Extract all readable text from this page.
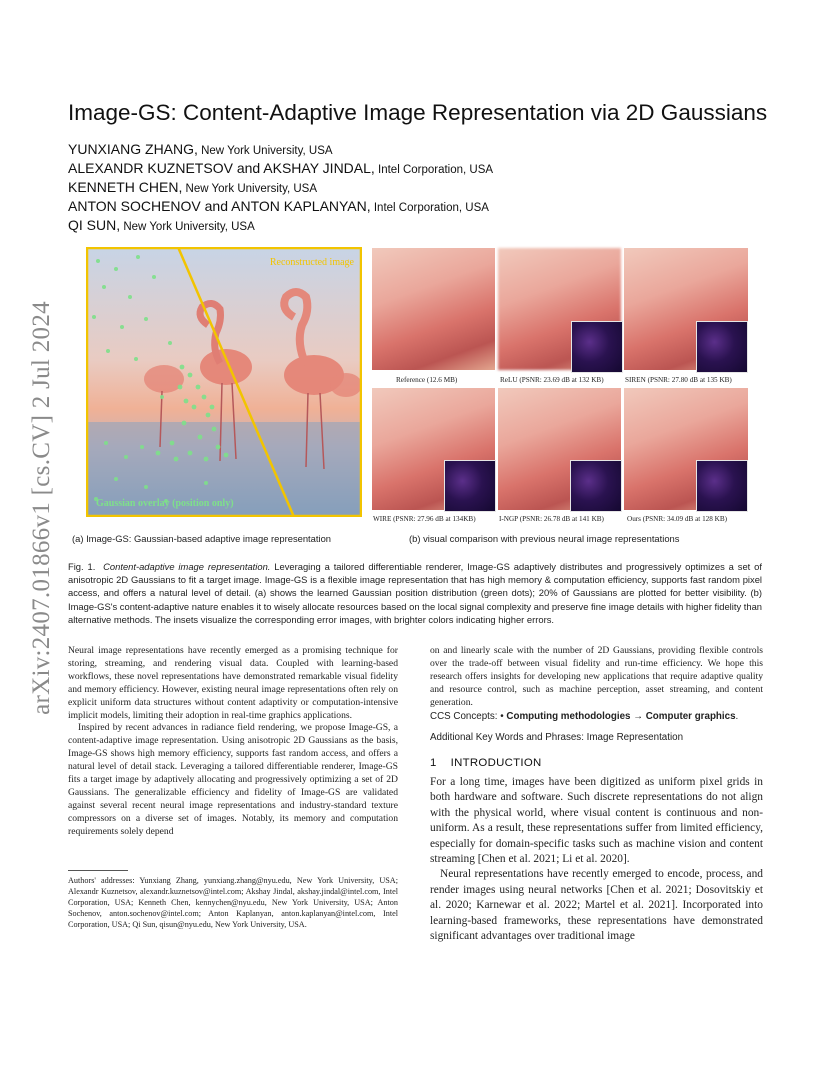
arXiv:2407.01866v1 [cs.CV] 2 Jul 2024
Image-GS: Content-Adaptive Image Representation via 2D Gaussians
YUNXIANG ZHANG, New York University, USA
ALEXANDR KUZNETSOV and AKSHAY JINDAL, Intel Corporation, USA
KENNETH CHEN, New York University, USA
ANTON SOCHENOV and ANTON KAPLANYAN, Intel Corporation, USA
QI SUN, New York University, USA
Reconstructed image
Gaussian overlay (position only)
Reference (12.6 MB)	ReLU (PSNR: 23.69 dB at 132 KB)	SIREN (PSNR: 27.80 dB at 135 KB)
WIRE (PSNR: 27.96 dB at 134KB)	I-NGP (PSNR: 26.78 dB at 141 KB)	Ours (PSNR: 34.09 dB at 128 KB)
(a) Image-GS: Gaussian-based adaptive image representation	(b) visual comparison with previous neural image representations
Fig. 1. Content-adaptive image representation. Leveraging a tailored differentiable renderer, Image-GS adaptively distributes and progressively optimizes a set of anisotropic 2D Gaussians to fit a target image. Image-GS is a flexible image representation that has high memory & computation efficiency, supports fast random pixel access, and offers a natural level of detail. (a) shows the learned Gaussian position distribution (green dots); 20% of Gaussians are plotted for better visibility. (b) Image-GS's content-adaptive nature enables it to wisely allocate resources based on the local signal complexity and preserve fine image details with higher fidelity than alternative methods. The insets visualize the corresponding error images, with brighter colors indicating higher errors.

Neural image representations have recently emerged as a promising technique for storing, streaming, and rendering visual data. Coupled with learning-based workflows, these novel representations have demonstrated remarkable visual fidelity and memory efficiency. However, existing neural image representations often rely on explicit uniform data structures without content adaptivity or computation-intensive implicit models, limiting their adoption in real-time graphics applications.

Inspired by recent advances in radiance field rendering, we propose Image-GS, a content-adaptive image representation. Using anisotropic 2D Gaussians as the basis, Image-GS shows high memory efficiency, supports fast random access, and offers a natural level of detail stack. Leveraging a tailored differentiable renderer, Image-GS fits a target image by adaptively allocating and progressively optimizing a set of 2D Gaussians. The generalizable efficiency and fidelity of Image-GS are validated against several recent neural image representations and industry-standard texture compressors on a diverse set of images. Notably, its memory and computation requirements solely depend

Authors' addresses: Yunxiang Zhang, yunxiang.zhang@nyu.edu, New York University, USA; Alexandr Kuznetsov, alexandr.kuznetsov@intel.com; Akshay Jindal, akshay.jindal@intel.com, Intel Corporation, USA; Kenneth Chen, kennychen@nyu.edu, New York University, USA; Anton Sochenov, anton.sochenov@intel.com; Anton Kaplanyan, anton.kaplanyan@intel.com, Intel Corporation, USA; Qi Sun, qisun@nyu.edu, New York University, USA.

on and linearly scale with the number of 2D Gaussians, providing flexible controls over the trade-off between visual fidelity and run-time efficiency. We hope this research offers insights for developing new applications that require adaptive quality and resource control, such as machine perception, asset streaming, and content generation.

CCS Concepts: • Computing methodologies → Computer graphics.
Additional Key Words and Phrases: Image Representation
1 INTRODUCTION

For a long time, images have been digitized as uniform pixel grids in both hardware and software. Such discrete representations do not align with the physical world, where visual content is continuous and non-uniform. As a result, these representations suffer from limited efficiency, especially for domain-specific tasks such as machine vision and content streaming [Chen et al. 2021; Li et al. 2020].

Neural representations have recently emerged to encode, process, and render images using neural networks [Chen et al. 2021; Dosovitskiy et al. 2020; Karnewar et al. 2022; Martel et al. 2021]. Incorporated into learning-based frameworks, these representations have demonstrated significant advantages over traditional image
